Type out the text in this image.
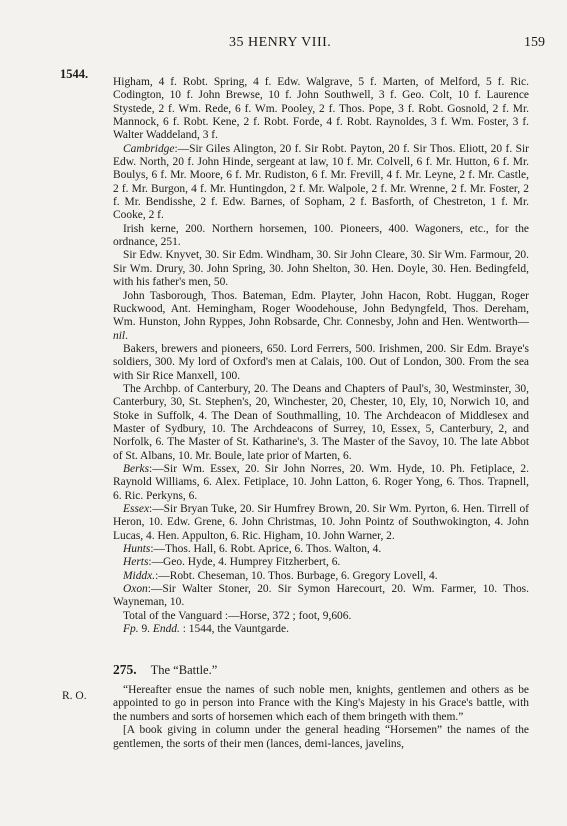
35 HENRY VIII.	159
1544.

Higham, 4 f. Robt. Spring, 4 f. Edw. Walgrave, 5 f. Marten, of Melford, 5 f. Ric. Codington, 10 f. John Brewse, 10 f. John Southwell, 3 f. Geo. Colt, 10 f. Laurence Stystede, 2 f. Wm. Rede, 6 f. Wm. Pooley, 2 f. Thos. Pope, 3 f. Robt. Gosnold, 2 f. Mr. Mannock, 6 f. Robt. Kene, 2 f. Robt. Forde, 4 f. Robt. Raynoldes, 3 f. Wm. Foster, 3 f. Walter Waddeland, 3 f.

Cambridge:—Sir Giles Alington, 20 f. Sir Robt. Payton, 20 f. Sir Thos. Eliott, 20 f. Sir Edw. North, 20 f. John Hinde, sergeant at law, 10 f. Mr. Colvell, 6 f. Mr. Hutton, 6 f. Mr. Boulys, 6 f. Mr. Moore, 6 f. Mr. Rudiston, 6 f. Mr. Frevill, 4 f. Mr. Leyne, 2 f. Mr. Castle, 2 f. Mr. Burgon, 4 f. Mr. Huntingdon, 2 f. Mr. Walpole, 2 f. Mr. Wrenne, 2 f. Mr. Foster, 2 f. Mr. Bendisshe, 2 f. Edw. Barnes, of Sopham, 2 f. Basforth, of Chestreton, 1 f. Mr. Cooke, 2 f.

Irish kerne, 200. Northern horsemen, 100. Pioneers, 400. Wagoners, etc., for the ordnance, 251.

Sir Edw. Knyvet, 30. Sir Edm. Windham, 30. Sir John Cleare, 30. Sir Wm. Farmour, 20. Sir Wm. Drury, 30. John Spring, 30. John Shelton, 30. Hen. Doyle, 30. Hen. Bedingfeld, with his father's men, 50.

John Tasborough, Thos. Bateman, Edm. Playter, John Hacon, Robt. Huggan, Roger Ruckwood, Ant. Hemingham, Roger Woodehouse, John Bedyngfeld, Thos. Dereham, Wm. Hunston, John Ryppes, John Robsarde, Chr. Connesby, John and Hen. Wentworth—nil.

Bakers, brewers and pioneers, 650. Lord Ferrers, 500. Irishmen, 200. Sir Edm. Braye's soldiers, 300. My lord of Oxford's men at Calais, 100. Out of London, 300. From the sea with Sir Rice Manxell, 100.

The Archbp. of Canterbury, 20. The Deans and Chapters of Paul's, 30, Westminster, 30, Canterbury, 30, St. Stephen's, 20, Winchester, 20, Chester, 10, Ely, 10, Norwich 10, and Stoke in Suffolk, 4. The Dean of Southmalling, 10. The Archdeacon of Middlesex and Master of Sydbury, 10. The Archdeacons of Surrey, 10, Essex, 5, Canterbury, 2, and Norfolk, 6. The Master of St. Katharine's, 3. The Master of the Savoy, 10. The late Abbot of St. Albans, 10. Mr. Boule, late prior of Marten, 6.

Berks:—Sir Wm. Essex, 20. Sir John Norres, 20. Wm. Hyde, 10. Ph. Fetiplace, 2. Raynold Williams, 6. Alex. Fetiplace, 10. John Latton, 6. Roger Yong, 6. Thos. Trapnell, 6. Ric. Perkyns, 6.

Essex:—Sir Bryan Tuke, 20. Sir Humfrey Brown, 20. Sir Wm. Pyrton, 6. Hen. Tirrell of Heron, 10. Edw. Grene, 6. John Christmas, 10. John Pointz of Southwokington, 4. John Lucas, 4. Hen. Appulton, 6. Ric. Higham, 10. John Warner, 2.

Hunts:—Thos. Hall, 6. Robt. Aprice, 6. Thos. Walton, 4.

Herts:—Geo. Hyde, 4. Humprey Fitzherbert, 6.

Middx.:—Robt. Cheseman, 10. Thos. Burbage, 6. Gregory Lovell, 4.

Oxon:—Sir Walter Stoner, 20. Sir Symon Harecourt, 20. Wm. Farmer, 10. Thos. Wayneman, 10.

Total of the Vanguard :—Horse, 372 ; foot, 9,606.

Fp. 9. Endd. : 1544, the Vauntgarde.

275. The “Battle.”
R. O.	“Hereafter ensue the names of such noble men, knights, gentlemen and others as be appointed to go in person into France with the King's Majesty in his Grace's battle, with the numbers and sorts of horsemen which each of them bringeth with them.”

[A book giving in column under the general heading “Horsemen” the names of the gentlemen, the sorts of their men (lances, demi-lances, javelins,
